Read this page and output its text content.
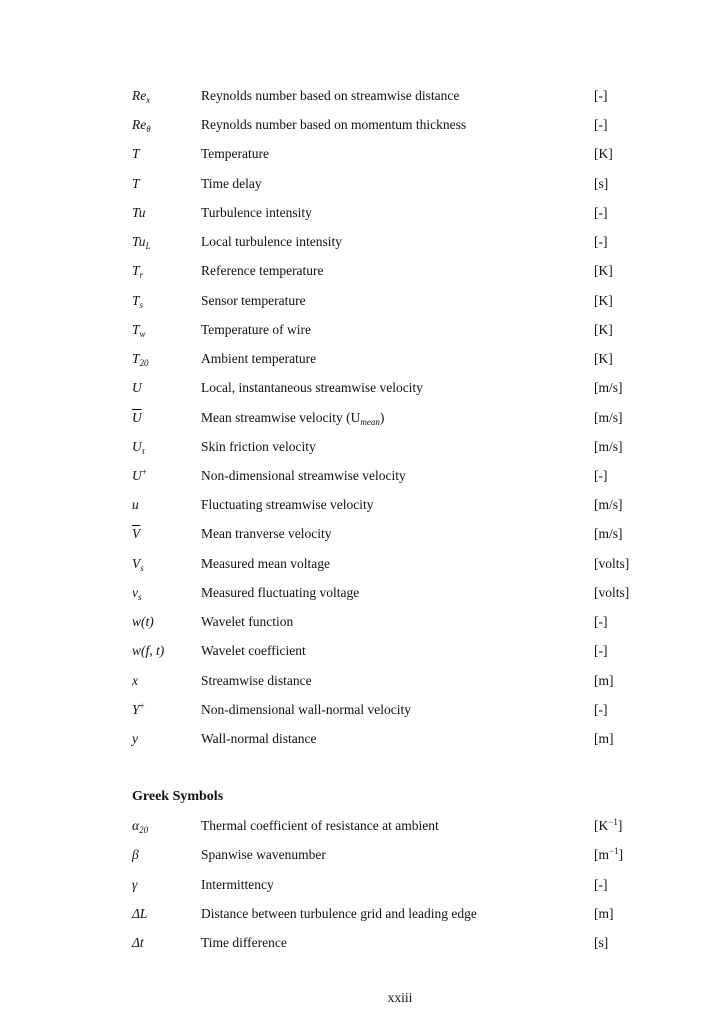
$Re_x$	Reynolds number based on streamwise distance	[-]
$Re_\theta$	Reynolds number based on momentum thickness	[-]
T	Temperature	[K]
T	Time delay	[s]
Tu	Turbulence intensity	[-]
$Tu_L$	Local turbulence intensity	[-]
$T_r$	Reference temperature	[K]
$T_s$	Sensor temperature	[K]
$T_w$	Temperature of wire	[K]
$T_{20}$	Ambient temperature	[K]
U	Local, instantaneous streamwise velocity	[m/s]
$\overline{U}$	Mean streamwise velocity $(U_{mean})$	[m/s]
$U_\tau$	Skin friction velocity	[m/s]
U+	Non-dimensional streamwise velocity	[-]
u	Fluctuating streamwise velocity	[m/s]
$\overline{V}$	Mean tranverse velocity	[m/s]
$V_s$	Measured mean voltage	[volts]
$v_s$	Measured fluctuating voltage	[volts]
w(t)	Wavelet function	[-]
w(f, t)	Wavelet coefficient	[-]
x	Streamwise distance	[m]
Y+	Non-dimensional wall-normal velocity	[-]
y	Wall-normal distance	[m]
Greek Symbols
$\alpha_{20}$	Thermal coefficient of resistance at ambient	$[K^{-1}]$
β	Spanwise wavenumber	$[m^{-1}]$
γ	Intermittency	[-]
ΔL	Distance between turbulence grid and leading edge	[m]
Δt	Time difference	[s]
xxiii
